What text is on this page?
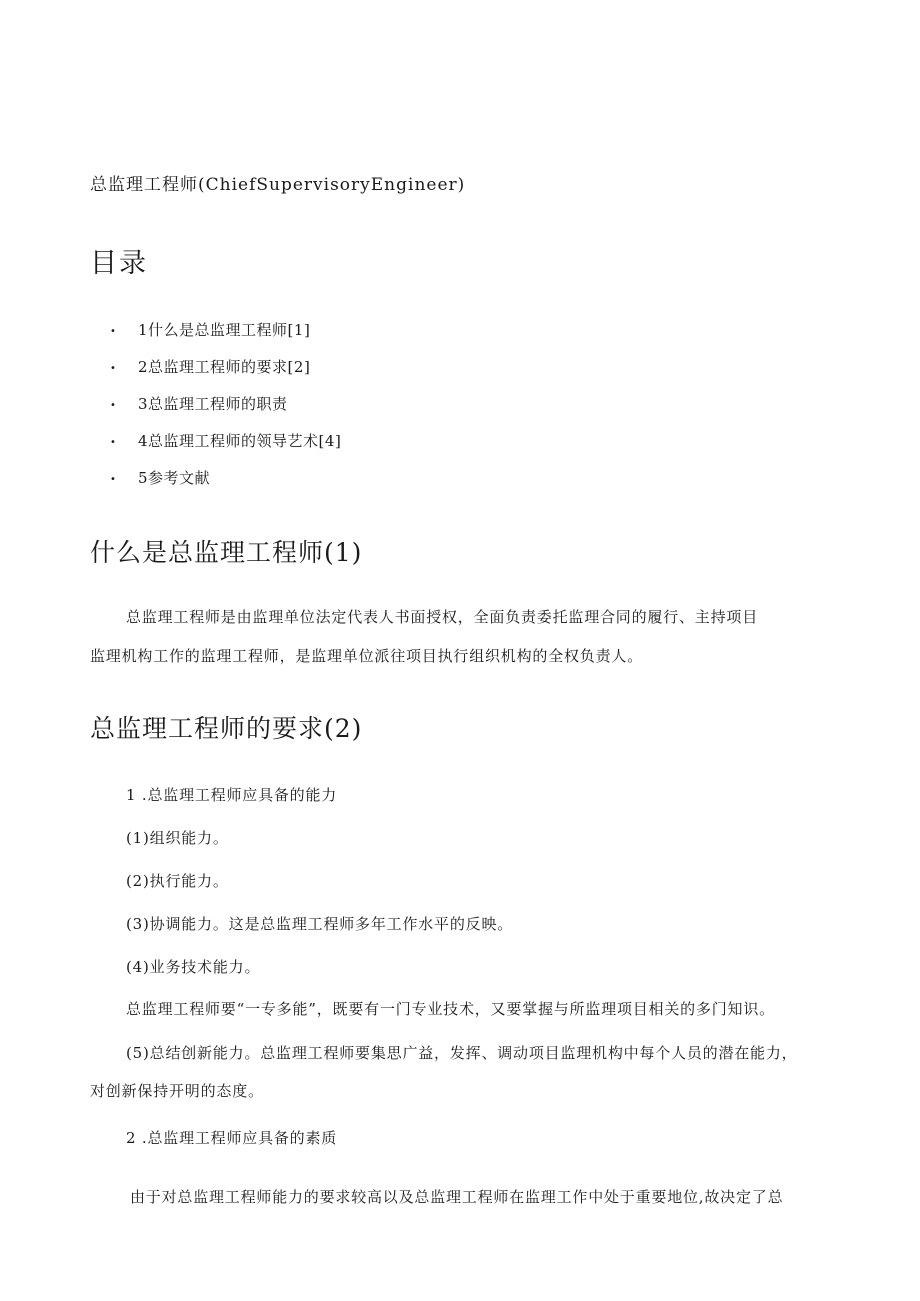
总监理工程师(ChiefSupervisoryEngineer)
目录
• 1什么是总监理工程师[1]
• 2总监理工程师的要求[2]
• 3总监理工程师的职责
• 4总监理工程师的领导艺术[4]
• 5参考文献
什么是总监理工程师(1)
总监理工程师是由监理单位法定代表人书面授权，全面负责委托监理合同的履行、主持项目
监理机构工作的监理工程师，是监理单位派往项目执行组织机构的全权负责人。
总监理工程师的要求(2)
1 .总监理工程师应具备的能力
(1)组织能力。
(2)执行能力。
(3)协调能力。这是总监理工程师多年工作水平的反映。
(4)业务技术能力。
总监理工程师要“一专多能”，既要有一门专业技术，又要掌握与所监理项目相关的多门知识。
(5)总结创新能力。总监理工程师要集思广益，发挥、调动项目监理机构中每个人员的潜在能力，
对创新保持开明的态度。
2 .总监理工程师应具备的素质
由于对总监理工程师能力的要求较高以及总监理工程师在监理工作中处于重要地位,故决定了总
